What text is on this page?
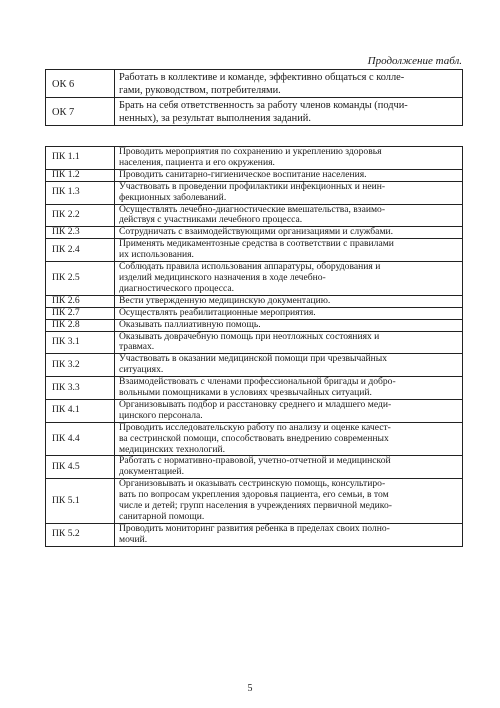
Продолжение табл.
ОК 6	Работать в коллективе и команде, эффективно общаться с колле-
гами, руководством, потребителями.
ОК 7	Брать на себя ответственность за работу членов команды (подчи-
ненных), за результат выполнения заданий.
ПК 1.1	Проводить мероприятия по сохранению и укреплению здоровья
населения, пациента и его окружения.
ПК 1.2	Проводить санитарно-гигиеническое воспитание населения.
ПК 1.3	Участвовать в проведении профилактики инфекционных и неин-
фекционных заболеваний.
ПК 2.2	Осуществлять лечебно-диагностические вмешательства, взаимо-
действуя с участниками лечебного процесса.
ПК 2.3	Сотрудничать с взаимодействующими организациями и службами.
ПК 2.4	Применять медикаментозные средства в соответствии с правилами
их использования.
ПК 2.5	Соблюдать правила использования аппаратуры, оборудования и
изделий медицинского назначения в ходе лечебно-
диагностического процесса.
ПК 2.6	Вести утвержденную медицинскую документацию.
ПК 2.7	Осуществлять реабилитационные мероприятия.
ПК 2.8	Оказывать паллиативную помощь.
ПК 3.1	Оказывать доврачебную помощь при неотложных состояниях и
травмах.
ПК 3.2	Участвовать в оказании медицинской помощи при чрезвычайных
ситуациях.
ПК 3.3	Взаимодействовать с членами профессиональной бригады и добро-
вольными помощниками в условиях чрезвычайных ситуаций.
ПК 4.1	Организовывать подбор и расстановку среднего и младшего меди-
цинского персонала.
ПК 4.4	Проводить исследовательскую работу по анализу и оценке качест-
ва сестринской помощи, способствовать внедрению современных
медицинских технологий.
ПК 4.5	Работать с нормативно-правовой, учетно-отчетной и медицинской
документацией.
ПК 5.1	Организовывать и оказывать сестринскую помощь, консультиро-
вать по вопросам укрепления здоровья пациента, его семьи, в том
числе и детей; групп населения в учреждениях первичной медико-
санитарной помощи.
ПК 5.2	Проводить мониторинг развития ребенка в пределах своих полно-
мочий.
5
